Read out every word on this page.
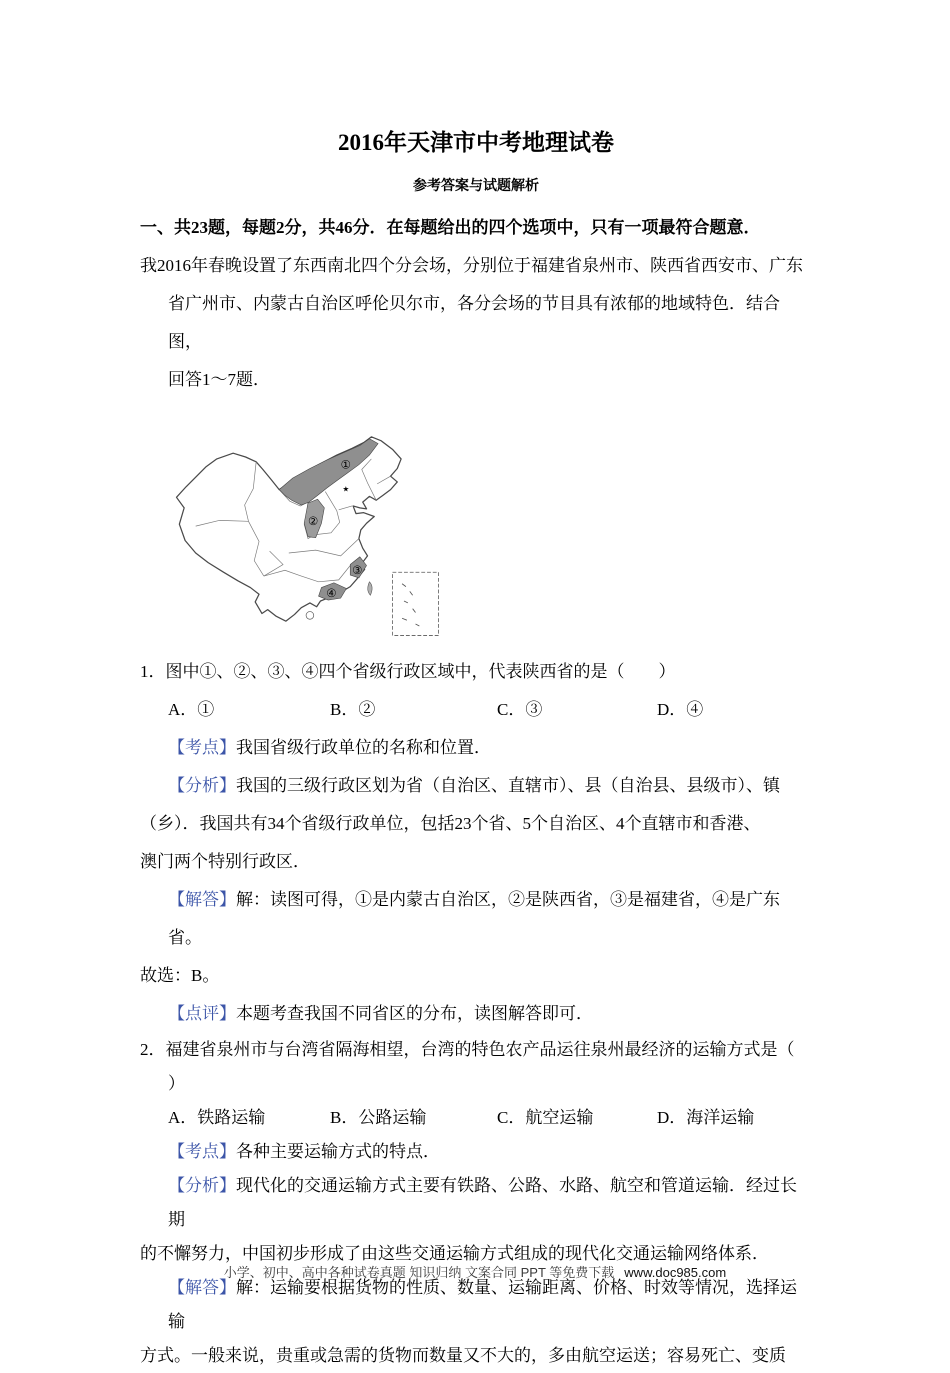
2016年天津市中考地理试卷
参考答案与试题解析
一、共23题，每题2分，共46分．在每题给出的四个选项中，只有一项最符合题意．
我2016年春晚设置了东西南北四个分会场，分别位于福建省泉州市、陕西省西安市、广东
省广州市、内蒙古自治区呼伦贝尔市，各分会场的节目具有浓郁的地域特色．结合图，
回答1～7题．
★
①
②
③
④
1．图中①、②、③、④四个省级行政区域中，代表陕西省的是（　　）
A．①	B．②	C．③	D．④
【考点】我国省级行政单位的名称和位置．
【分析】我国的三级行政区划为省（自治区、直辖市）、县（自治县、县级市）、镇
（乡）．我国共有34个省级行政单位，包括23个省、5个自治区、4个直辖市和香港、
澳门两个特别行政区．
【解答】解：读图可得，①是内蒙古自治区，②是陕西省，③是福建省，④是广东省。
故选：B。
【点评】本题考查我国不同省区的分布，读图解答即可．
2．福建省泉州市与台湾省隔海相望，台湾的特色农产品运往泉州最经济的运输方式是（
）
A．铁路运输	B．公路运输	C．航空运输	D．海洋运输
【考点】各种主要运输方式的特点．
【分析】现代化的交通运输方式主要有铁路、公路、水路、航空和管道运输．经过长期
的不懈努力，中国初步形成了由这些交通运输方式组成的现代化交通运输网络体系．
【解答】解：运输要根据货物的性质、数量、运输距离、价格、时效等情况，选择运输
方式。一般来说，贵重或急需的货物而数量又不大的，多由航空运送；容易死亡、变质
小学、初中、高中各种试卷真题 知识归纳 文案合同 PPT 等免费下载 www.doc985.com
